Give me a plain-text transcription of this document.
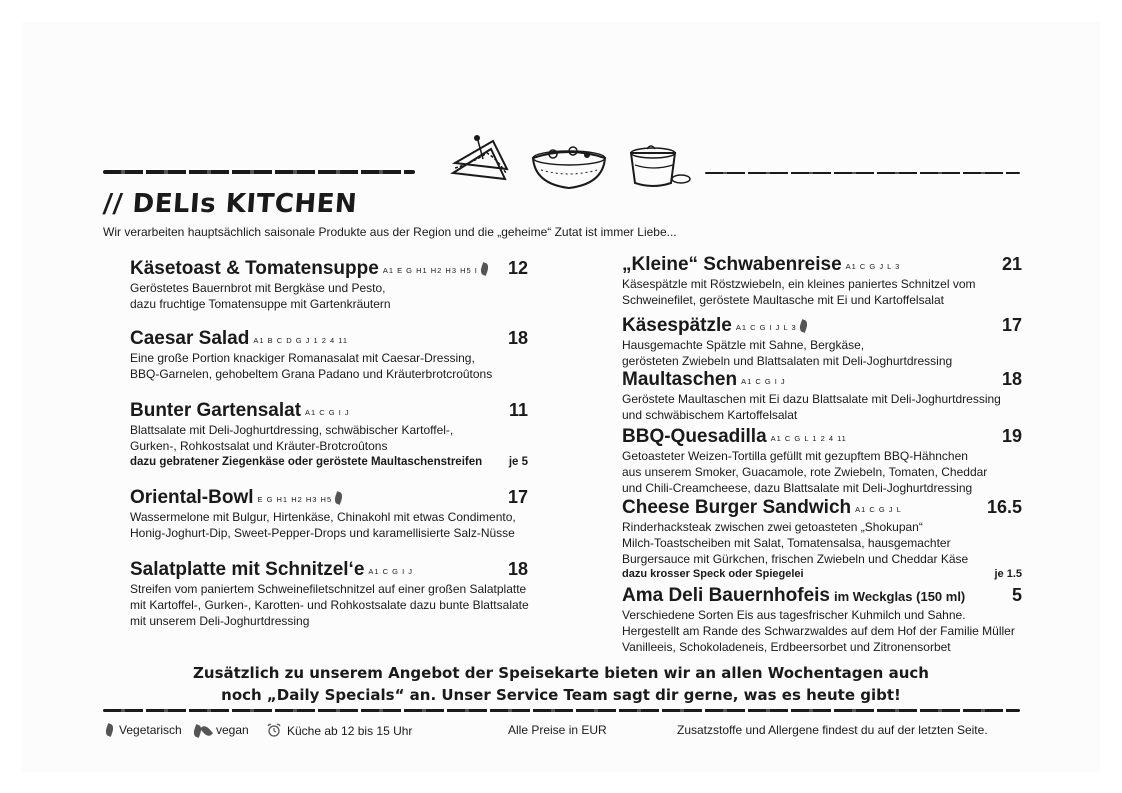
// DELIs KITCHEN

Wir verarbeiten hauptsächlich saisonale Produkte aus der Region und die „geheime“ Zutat ist immer Liebe...

Käsetoast & Tomatensuppe A1 E G H1 H2 H3 H5 I	12
Geröstetes Bauernbrot mit Bergkäse und Pesto,
dazu fruchtige Tomatensuppe mit Gartenkräutern
Caesar Salad A1 B C D G J 1 2 4 11	18
Eine große Portion knackiger Romanasalat mit Caesar-Dressing,
BBQ-Garnelen, gehobeltem Grana Padano und Kräuterbrotcroûtons
Bunter Gartensalat A1 C G I J	11
Blattsalate mit Deli-Joghurtdressing, schwäbischer Kartoffel-,
Gurken-, Rohkostsalat und Kräuter-Brotcroûtons
dazu gebratener Ziegenkäse oder geröstete Maultaschenstreifen je 5
Oriental-Bowl E G H1 H2 H3 H5	17
Wassermelone mit Bulgur, Hirtenkäse, Chinakohl mit etwas Condimento,
Honig-Joghurt-Dip, Sweet-Pepper-Drops und karamellisierte Salz-Nüsse
Salatplatte mit Schnitzel‘e A1 C G I J	18
Streifen vom paniertem Schweinefiletschnitzel auf einer großen Salatplatte
mit Kartoffel-, Gurken-, Karotten- und Rohkostsalate dazu bunte Blattsalate
mit unserem Deli-Joghurtdressing
„Kleine“ Schwabenreise A1 C G J L 3	21
Käsespätzle mit Röstzwiebeln, ein kleines paniertes Schnitzel vom
Schweinefilet, geröstete Maultasche mit Ei und Kartoffelsalat
Käsespätzle A1 C G I J L 3	17
Hausgemachte Spätzle mit Sahne, Bergkäse,
gerösteten Zwiebeln und Blattsalaten mit Deli-Joghurtdressing
Maultaschen A1 C G I J	18
Geröstete Maultaschen mit Ei dazu Blattsalate mit Deli-Joghurtdressing
und schwäbischem Kartoffelsalat
BBQ-Quesadilla A1 C G L 1 2 4 11	19
Getoasteter Weizen-Tortilla gefüllt mit gezupftem BBQ-Hähnchen
aus unserem Smoker, Guacamole, rote Zwiebeln, Tomaten, Cheddar
und Chili-Creamcheese, dazu Blattsalate mit Deli-Joghurtdressing
Cheese Burger Sandwich A1 C G J L	16.5
Rinderhacksteak zwischen zwei getoasteten „Shokupan“
Milch-Toastscheiben mit Salat, Tomatensalsa, hausgemachter
Burgersauce mit Gürkchen, frischen Zwiebeln und Cheddar Käse
dazu krosser Speck oder Spiegelei	je 1.5
Ama Deli Bauernhofeis im Weckglas (150 ml)	5
Verschiedene Sorten Eis aus tagesfrischer Kuhmilch und Sahne.
Hergestellt am Rande des Schwarzwaldes auf dem Hof der Familie Müller
Vanilleeis, Schokoladeneis, Erdbeersorbet und Zitronensorbet
Zusätzlich zu unserem Angebot der Speisekarte bieten wir an allen Wochentagen auch
noch „Daily Specials“ an. Unser Service Team sagt dir gerne, was es heute gibt!
Vegetarisch	vegan	Küche ab 12 bis 15 Uhr	Alle Preise in EUR	Zusatzstoffe und Allergene findest du auf der letzten Seite.
